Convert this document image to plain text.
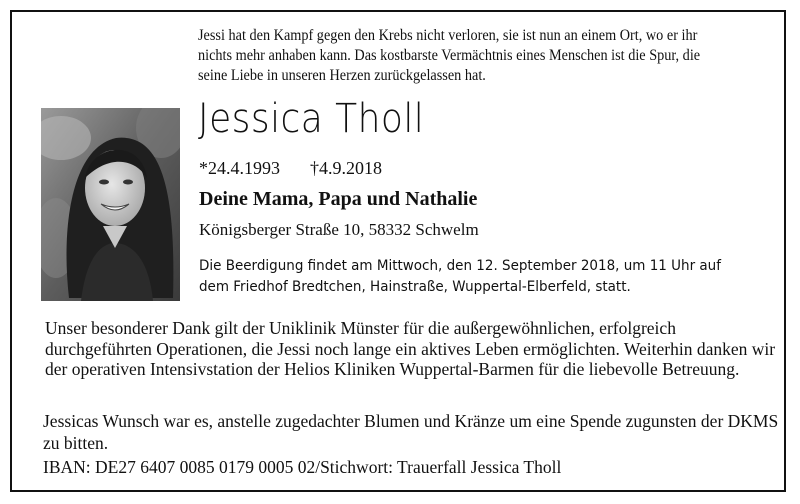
Jessi hat den Kampf gegen den Krebs nicht verloren, sie ist nun an einem Ort, wo er ihr nichts mehr anhaben kann. Das kostbarste Vermächtnis eines Menschen ist die Spur, die seine Liebe in unseren Herzen zurückgelassen hat.

Jessica Tholl
*24.4.1993 †4.9.2018
Deine Mama, Papa und Nathalie
Königsberger Straße 10, 58332 Schwelm

Die Beerdigung findet am Mittwoch, den 12. September 2018, um 11 Uhr auf dem Friedhof Bredtchen, Hainstraße, Wuppertal-Elberfeld, statt.

Unser besonderer Dank gilt der Uniklinik Münster für die außergewöhnlichen, erfolgreich durchgeführten Operationen, die Jessi noch lange ein aktives Leben ermöglichten. Weiterhin danken wir der operativen Intensivstation der Helios Kliniken Wuppertal-Barmen für die liebevolle Betreuung.

Jessicas Wunsch war es, anstelle zugedachter Blumen und Kränze um eine Spende zugunsten der DKMS zu bitten.

IBAN: DE27 6407 0085 0179 0005 02/Stichwort: Trauerfall Jessica Tholl
